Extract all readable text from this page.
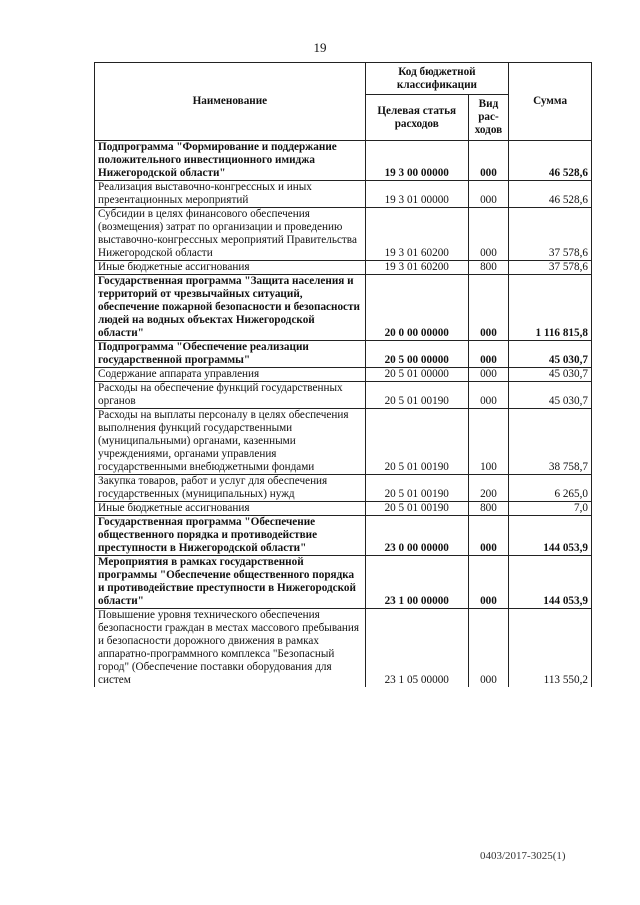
19
Наименование	Код бюджетной классификации		Сумма
	Целевая статья расходов	Вид рас-ходов	
Подпрограмма "Формирование и поддержание положительного инвестиционного имиджа Нижегородской области"	19 3 00 00000	000	46 528,6
Реализация выставочно-конгрессных и иных презентационных мероприятий	19 3 01 00000	000	46 528,6
Субсидии в целях финансового обеспечения (возмещения) затрат по организации и проведению выставочно-конгрессных мероприятий Правительства Нижегородской области	19 3 01 60200	000	37 578,6
Иные бюджетные ассигнования	19 3 01 60200	800	37 578,6
Государственная программа "Защита населения и территорий от чрезвычайных ситуаций, обеспечение пожарной безопасности и безопасности людей на водных объектах Нижегородской области"	20 0 00 00000	000	1 116 815,8
Подпрограмма "Обеспечение реализации государственной программы"	20 5 00 00000	000	45 030,7
Содержание аппарата управления	20 5 01 00000	000	45 030,7
Расходы на обеспечение функций государственных органов	20 5 01 00190	000	45 030,7
Расходы на выплаты персоналу в целях обеспечения выполнения функций государственными (муниципальными) органами, казенными учреждениями, органами управления государственными внебюджетными фондами	20 5 01 00190	100	38 758,7
Закупка товаров, работ и услуг для обеспечения государственных (муниципальных) нужд	20 5 01 00190	200	6 265,0
Иные бюджетные ассигнования	20 5 01 00190	800	7,0
Государственная программа "Обеспечение общественного порядка и противодействие преступности в Нижегородской области"	23 0 00 00000	000	144 053,9
Мероприятия в рамках государственной программы "Обеспечение общественного порядка и противодействие преступности в Нижегородской области"	23 1 00 00000	000	144 053,9
Повышение уровня технического обеспечения безопасности граждан в местах массового пребывания и безопасности дорожного движения в рамках аппаратно-программного комплекса "Безопасный город" (Обеспечение поставки оборудования для систем	23 1 05 00000	000	113 550,2
0403/2017-3025(1)
